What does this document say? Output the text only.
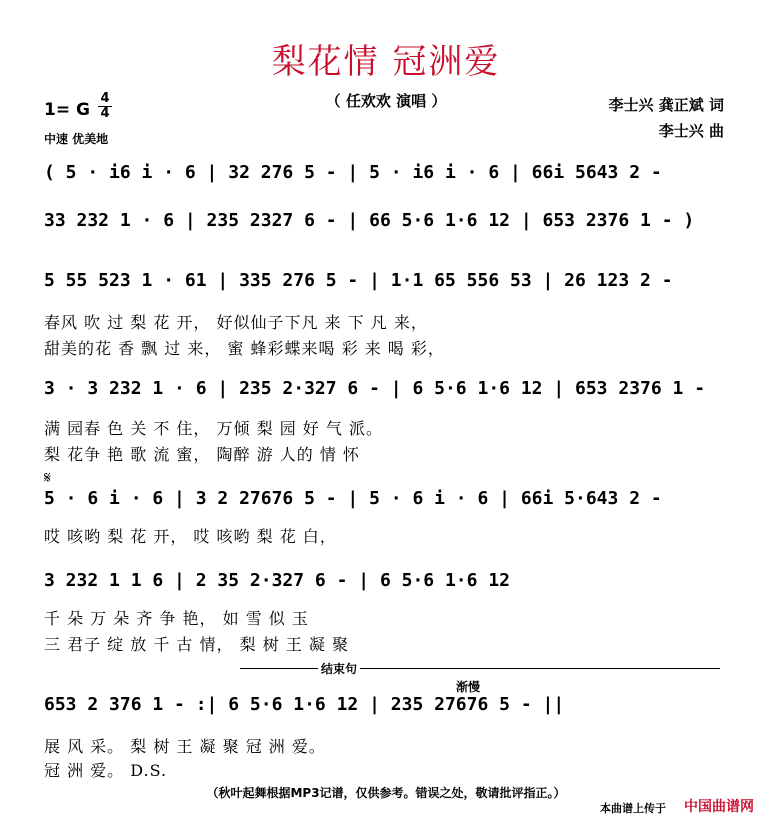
梨花情 冠洲爱
（ 任欢欢 演唱 ）
1= G $\frac{4}{4}$
中速 优美地
李士兴 龚正斌 词
李士兴 曲
( 5 · i6 i · 6 | 32 276 5 - | 5 · i6 i · 6 | 66i 5643 2 -
33 232 1 · 6 | 235 2327 6 - | 66 5·6 1·6 12 | 653 2376 1 - )
5 55 523 1 · 61 | 335 276 5 - | 1·1 65 556 53 | 26 123 2 -
春风 吹 过 梨 花 开， 好似仙子下凡 来 下 凡 来，
甜美的花 香 飘 过 来， 蜜 蜂彩蝶来喝 彩 来 喝 彩，
3 · 3 232 1 · 6 | 235 2·327 6 - | 6 5·6 1·6 12 | 653 2376 1 -
满 园春 色 关 不 住， 万倾 梨 园 好 气 派。
梨 花争 艳 歌 流 蜜， 陶醉 游 人的 情 怀
𝄋
5 · 6 i · 6 | 3 2 27676 5 - | 5 · 6 i · 6 | 66i 5·643 2 -
哎 咳哟 梨 花 开， 哎 咳哟 梨 花 白，
3 232 1 1 6 | 2 35 2·327 6 - | 6 5·6 1·6 12
千 朵 万 朵 齐 争 艳， 如 雪 似 玉
三 君子 绽 放 千 古 情， 梨 树 王 凝 聚
结束句
渐慢
653 2 376 1 - :| 6 5·6 1·6 12 | 235 27676 5 - ||
展 风 采。 梨 树 王 凝 聚 冠 洲 爱。
冠 洲 爱。 D.S.
（秋叶起舞根据MP3记谱，仅供参考。错误之处，敬请批评指正。）
本曲谱上传于 中国曲谱网
